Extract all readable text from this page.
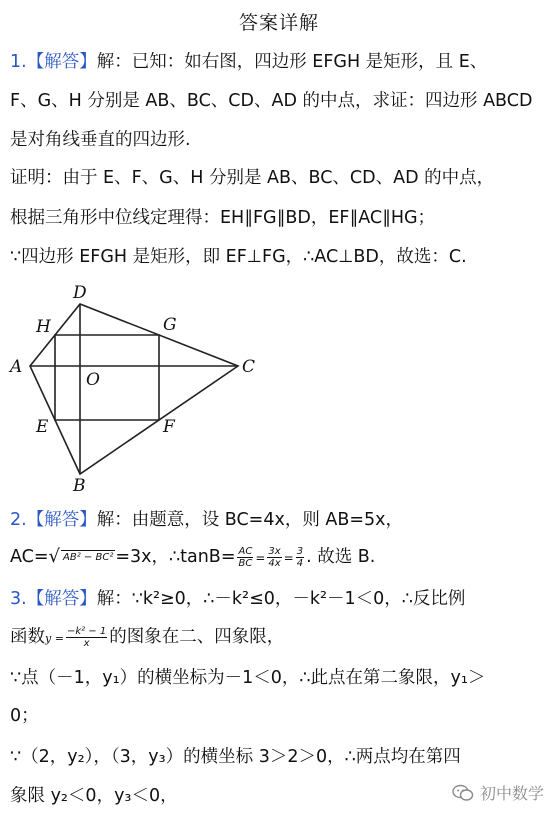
答案详解
1.【解答】解：已知：如右图，四边形 EFGH 是矩形，且 E、
F、G、H 分别是 AB、BC、CD、AD 的中点，求证：四边形 ABCD
是对角线垂直的四边形.
证明：由于 E、F、G、H 分别是 AB、BC、CD、AD 的中点，
根据三角形中位线定理得：EH∥FG∥BD，EF∥AC∥HG；
∵四边形 EFGH 是矩形，即 EF⊥FG，∴AC⊥BD，故选：C.
D
H	G
A
O
C
E	F
B
2.【解答】解：由题意，设 BC=4x，则 AB=5x，
AC=√ AB² − BC² =3x，∴tanB= $\frac{AC}{BC} = \frac{3x}{4x} = \frac{3}{4}$ . 故选 B.
3.【解答】解：∵k²≥0，∴－k²≤0，－k²－1＜0，∴反比例
函数$y = \frac{\text{−k² − 1}}{x}$ 的图象在二、四象限，
∵点（－1，y₁）的横坐标为－1＜0，∴此点在第二象限，y₁＞
0；
∵（2，y₂），（3，y₃）的横坐标 3＞2＞0，∴两点均在第四
象限 y₂＜0，y₃＜0，	初中数学
